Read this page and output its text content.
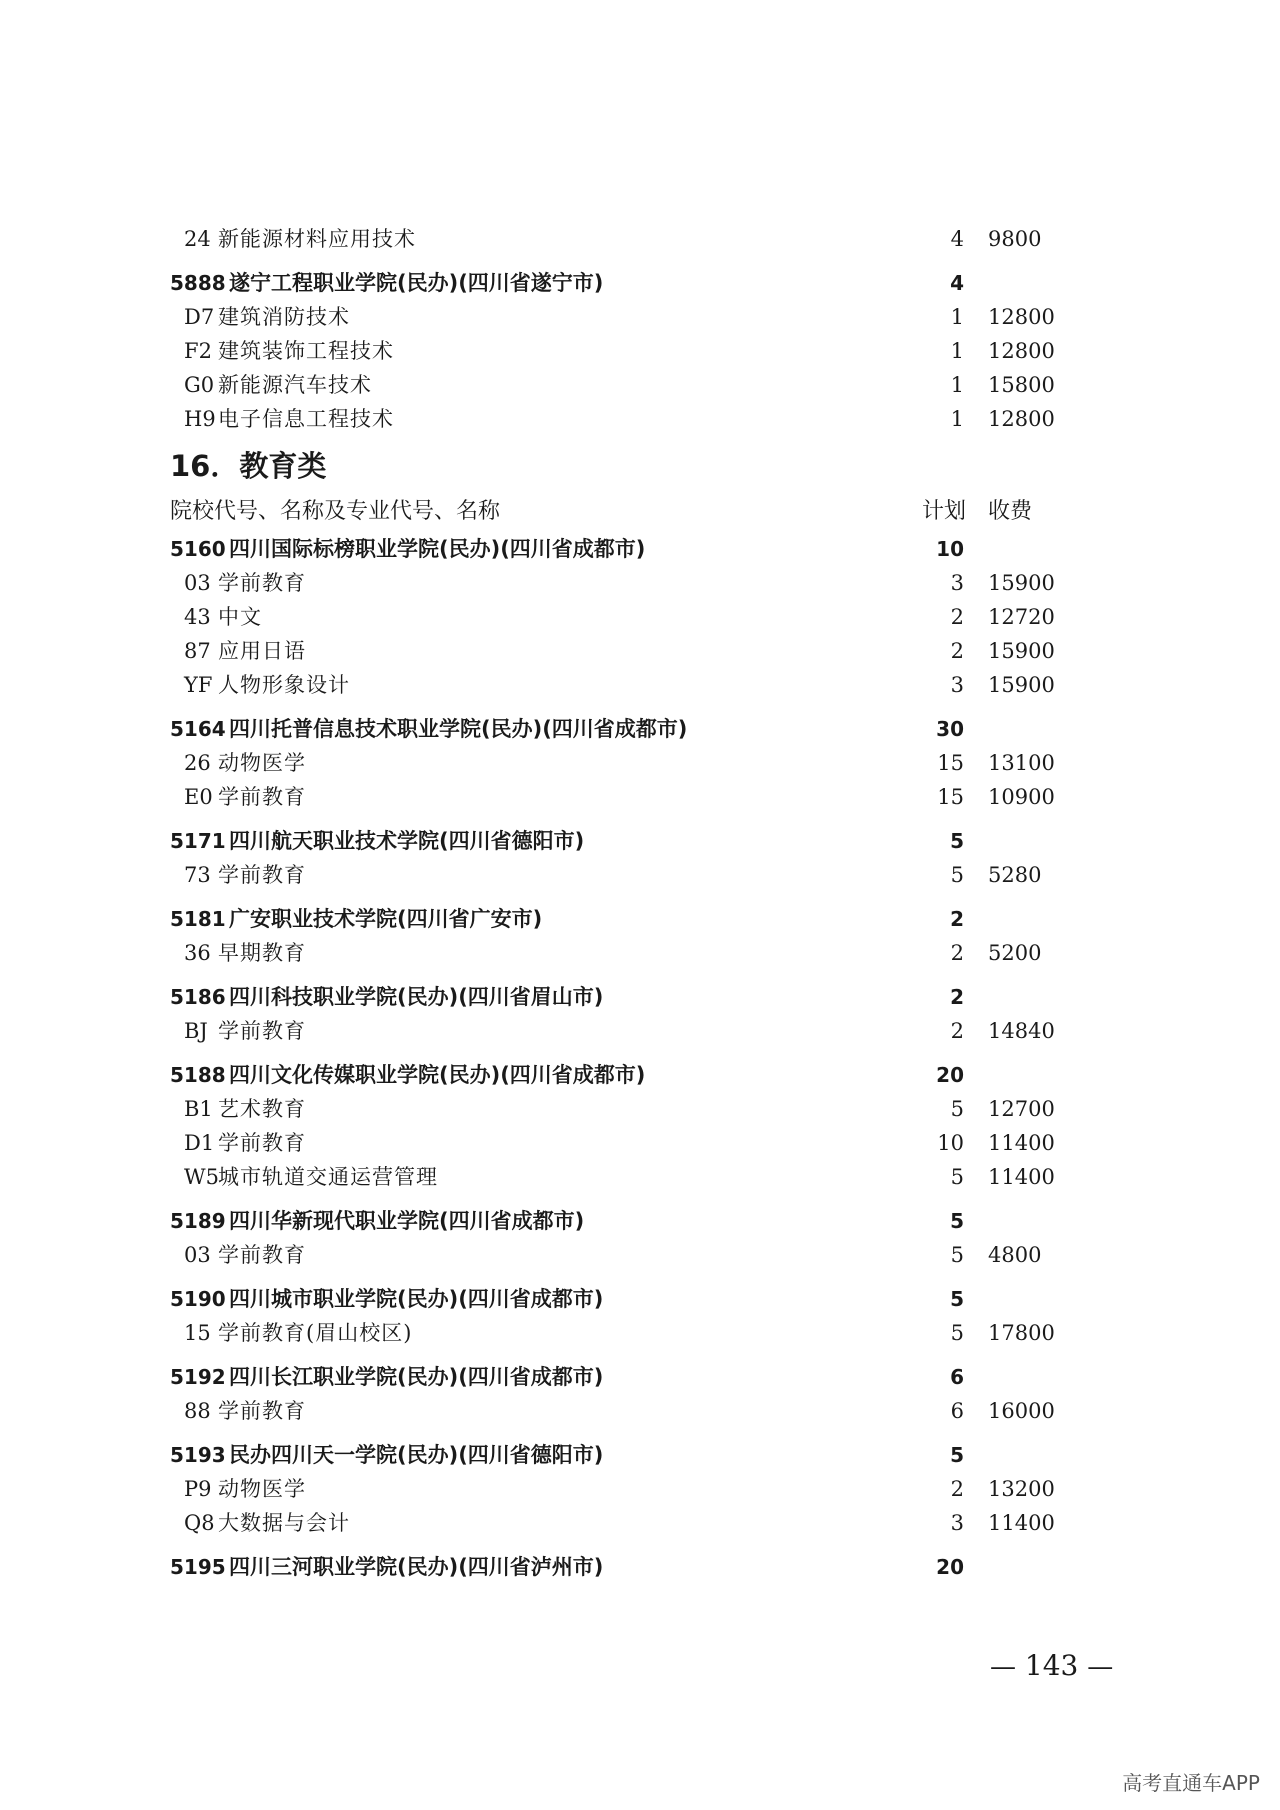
24 新能源材料应用技术	4 9800
5888 遂宁工程职业学院(民办)(四川省遂宁市)	4
D7 建筑消防技术	1 12800
F2 建筑装饰工程技术	1 12800
G0 新能源汽车技术	1 15800
H9 电子信息工程技术	1 12800
16．教育类
院校代号、名称及专业代号、名称	计划 收费
5160 四川国际标榜职业学院(民办)(四川省成都市)	10
03 学前教育	3 15900
43 中文	2 12720
87 应用日语	2 15900
YF 人物形象设计	3 15900
5164 四川托普信息技术职业学院(民办)(四川省成都市)	30
26 动物医学	15 13100
E0 学前教育	15 10900
5171 四川航天职业技术学院(四川省德阳市)	5
73 学前教育	5 5280
5181 广安职业技术学院(四川省广安市)	2
36 早期教育	2 5200
5186 四川科技职业学院(民办)(四川省眉山市)	2
BJ 学前教育	2 14840
5188 四川文化传媒职业学院(民办)(四川省成都市)	20
B1 艺术教育	5 12700
D1 学前教育	10 11400
W5 城市轨道交通运营管理	5 11400
5189 四川华新现代职业学院(四川省成都市)	5
03 学前教育	5 4800
5190 四川城市职业学院(民办)(四川省成都市)	5
15 学前教育(眉山校区)	5 17800
5192 四川长江职业学院(民办)(四川省成都市)	6
88 学前教育	6 16000
5193 民办四川天一学院(民办)(四川省德阳市)	5
P9 动物医学	2 13200
Q8 大数据与会计	3 11400
5195 四川三河职业学院(民办)(四川省泸州市)	20
— 143 —
高考直通车APP
